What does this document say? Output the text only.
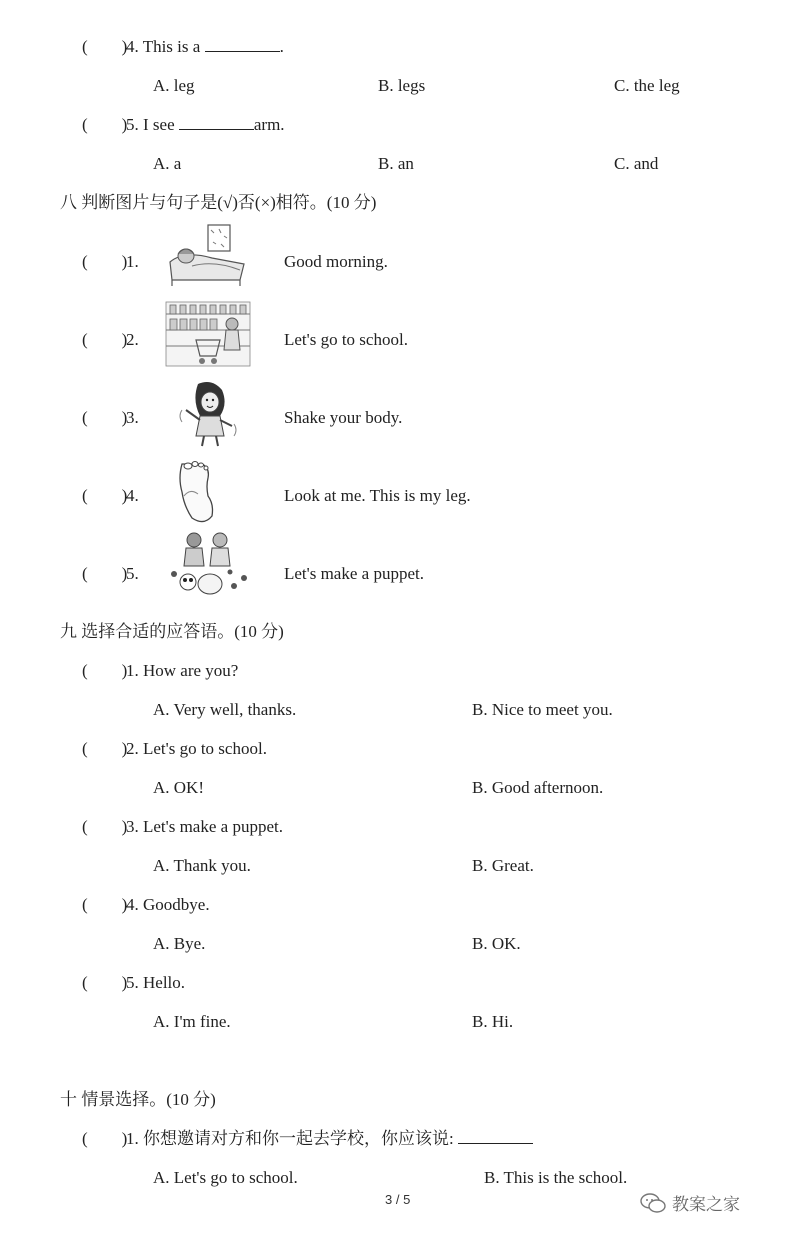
(        )
4. This is a	.
A. leg	B. legs	C. the leg
(        )
5. I see	arm.
A. a	B. an	C. and
八 判断图片与句子是(√)否(×)相符。(10 分)
(        )
1.	Good morning.
(        )
2.	Let's go to school.
(        )
3.	Shake your body.
(        )
4.	Look at me. This is my leg.
(        )
5.	Let's make a puppet.
九 选择合适的应答语。(10 分)
(        )
1. How are you?
A. Very well, thanks.	B. Nice to meet you.
(        )
2. Let's go to school.
A. OK!	B. Good afternoon.
(        )
3. Let's make a puppet.
A. Thank you.	B. Great.
(        )
4. Goodbye.
A. Bye.	B. OK.
(        )
5. Hello.
A. I'm fine.	B. Hi.
十 情景选择。(10 分)
(        )
1. 你想邀请对方和你一起去学校，你应该说:
A. Let's go to school.	B. This is the school.
3 / 5	教案之家
